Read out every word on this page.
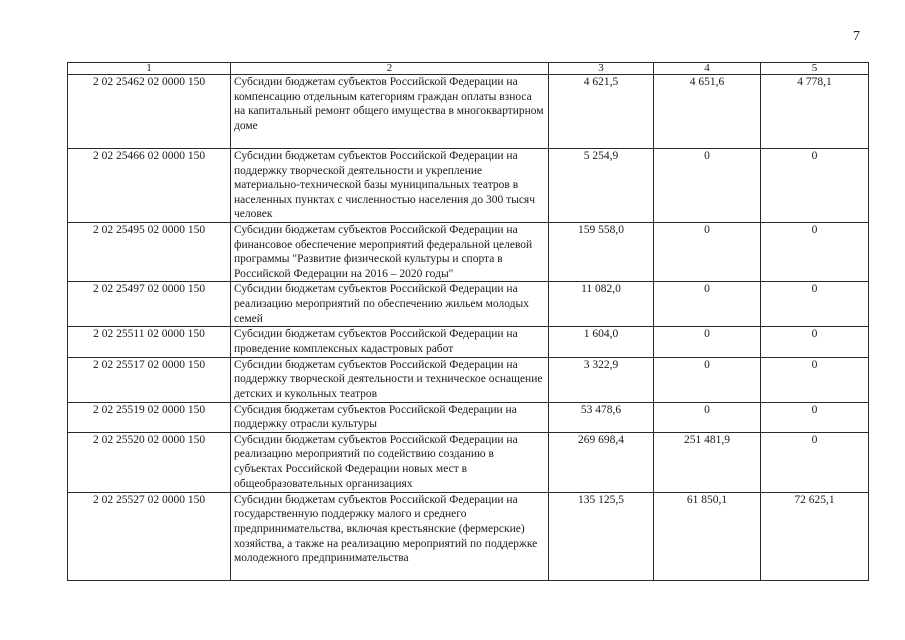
7
1	2	3	4	5
2 02 25462 02 0000 150	Субсидии бюджетам субъектов Российской Федерации на компенсацию отдельным категориям граждан оплаты взноса на капитальный ремонт общего имущества в многоквартирном доме	4 621,5	4 651,6	4 778,1
2 02 25466 02 0000 150	Субсидии бюджетам субъектов Российской Федерации на поддержку творческой деятельности и укрепление материально-технической базы муниципальных театров в населенных пунктах с численностью населения до 300 тысяч человек	5 254,9	0	0
2 02 25495 02 0000 150	Субсидии бюджетам субъектов Российской Федерации на финансовое обеспечение мероприятий федеральной целевой программы "Развитие физической культуры и спорта в Российской Федерации на 2016 – 2020 годы"	159 558,0	0	0
2 02 25497 02 0000 150	Субсидии бюджетам субъектов Российской Федерации на реализацию мероприятий по обеспечению жильем молодых семей	11 082,0	0	0
2 02 25511 02 0000 150	Субсидии бюджетам субъектов Российской Федерации на проведение комплексных кадастровых работ	1 604,0	0	0
2 02 25517 02 0000 150	Субсидии бюджетам субъектов Российской Федерации на поддержку творческой деятельности и техническое оснащение детских и кукольных театров	3 322,9	0	0
2 02 25519 02 0000 150	Субсидия бюджетам субъектов Российской Федерации на поддержку отрасли культуры	53 478,6	0	0
2 02 25520 02 0000 150	Субсидии бюджетам субъектов Российской Федерации на реализацию мероприятий по содействию созданию в субъектах Российской Федерации новых мест в общеобразовательных организациях	269 698,4	251 481,9	0
2 02 25527 02 0000 150	Субсидии бюджетам субъектов Российской Федерации на государственную поддержку малого и среднего предпринимательства, включая крестьянские (фермерские) хозяйства, а также на реализацию мероприятий по поддержке молодежного предпринимательства	135 125,5	61 850,1	72 625,1
